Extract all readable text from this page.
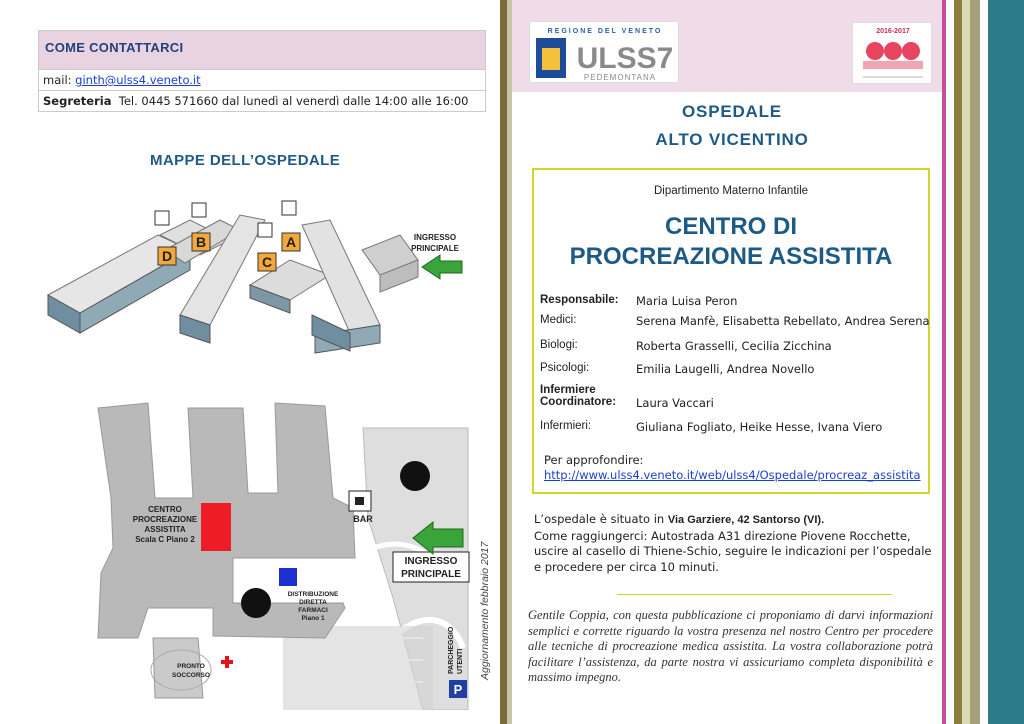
COME CONTATTARCI
mail: ginth@ulss4.veneto.it
Segreteria Tel. 0445 571660 dal lunedì al venerdì dalle 14:00 alle 16:00
MAPPE DELL’OSPEDALE
D
B
C
A	INGRESSO
PRINCIPALE
CENTRO
PROCREAZIONE
ASSISTITA
Scala C Piano 2
BAR
DISTRIBUZIONE
DIRETTA
FARMACI
Piano 1
PRONTO
SOCCORSO
INGRESSO
PRINCIPALE
P
PARCHEGGIO UTENTI Aggiornamento febbraio 2017
REGIONE DEL VENETO
ULSS7
PEDEMONTANA
2016-2017
OSPEDALE
ALTO VICENTINO
Dipartimento Materno Infantile
CENTRO DI
PROCREAZIONE ASSISTITA
Responsabile:	Maria Luisa Peron
Medici:	Serena Manfè, Elisabetta Rebellato, Andrea Serena
Biologi:	Roberta Grasselli, Cecilia Zicchina
Psicologi:	Emilia Laugelli, Andrea Novello
Infermiere Coordinatore:	Laura Vaccari
Infermieri:	Giuliana Fogliato, Heike Hesse, Ivana Viero
Per approfondire:
http://www.ulss4.veneto.it/web/ulss4/Ospedale/procreaz_assistita
L’ospedale è situato in Via Garziere, 42 Santorso (VI).
Come raggiungerci: Autostrada A31 direzione Piovene Rocchette, uscire al casello di Thiene-Schio, seguire le indicazioni per l’ospedale e procedere per circa 10 minuti.
Gentile Coppia, con questa pubblicazione ci proponiamo di darvi informazioni semplici e corrette riguardo la vostra presenza nel nostro Centro per procedere alle tecniche di procreazione medica assistita. La vostra collaborazione potrà facilitare l’assistenza, da parte nostra vi assicuriamo completa disponibilità e massimo impegno.
